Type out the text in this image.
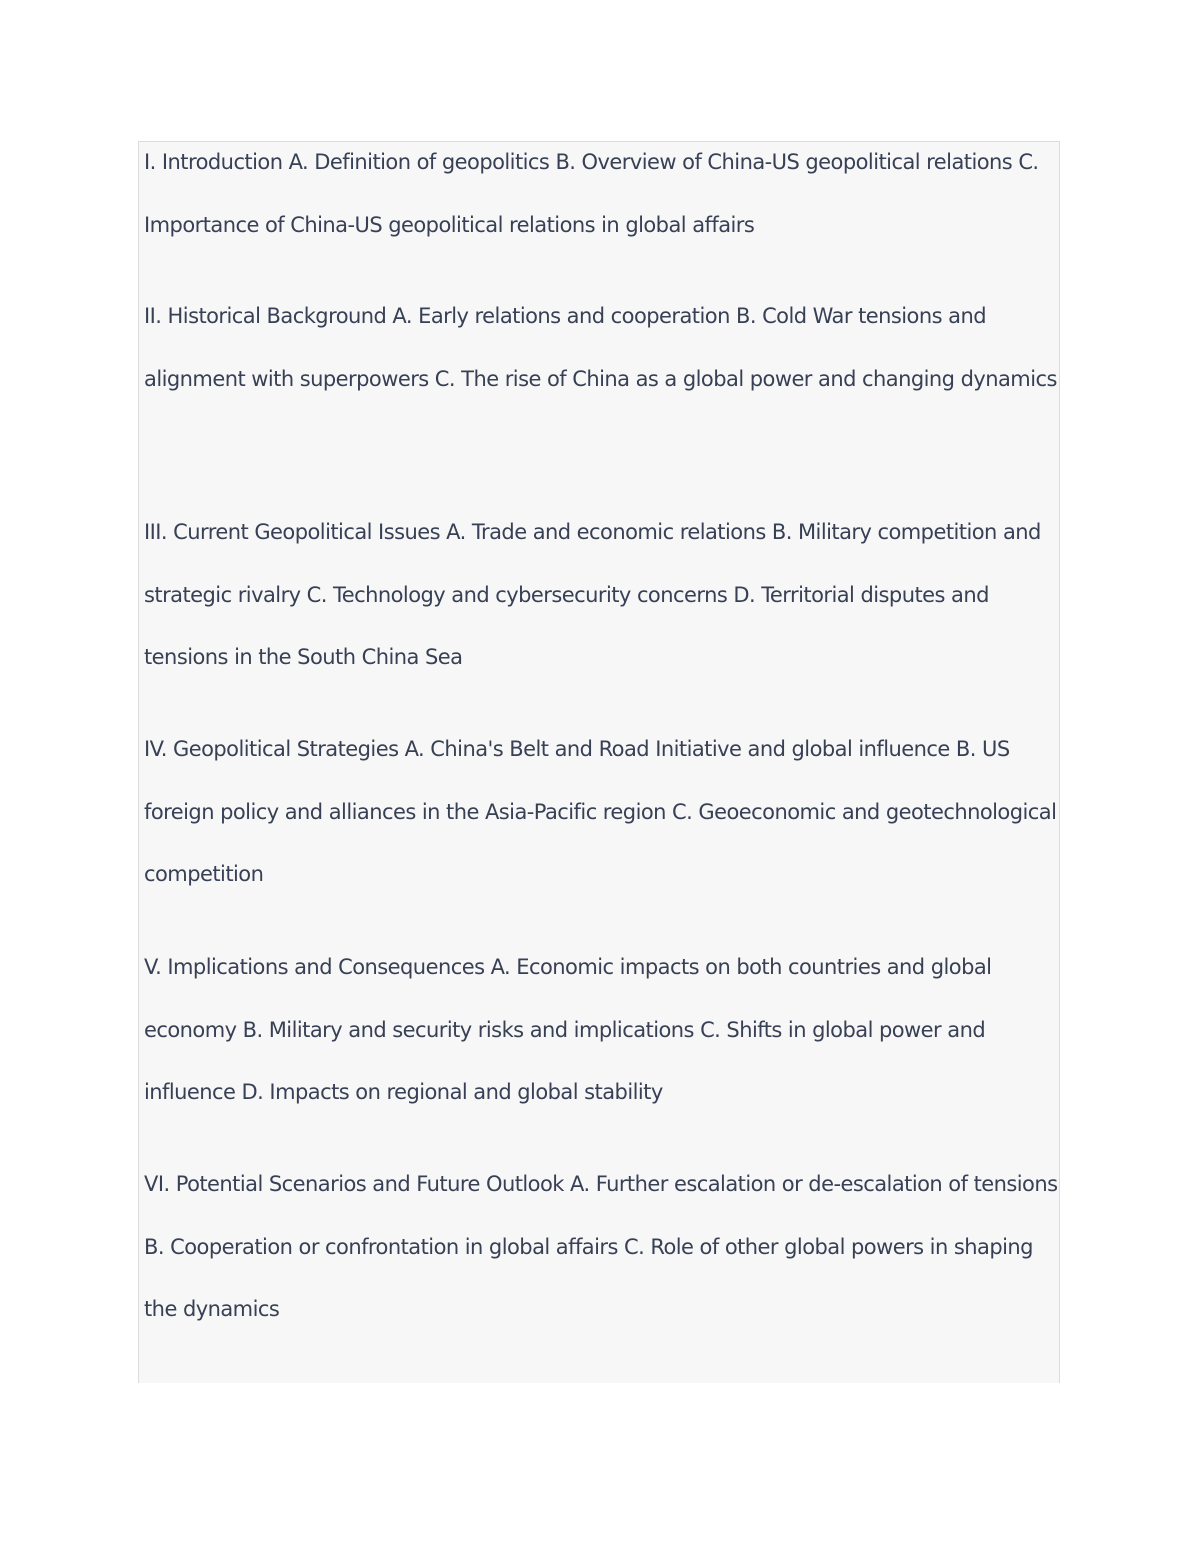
I. Introduction A. Definition of geopolitics B. Overview of China-US geopolitical relations C. Importance of China-US geopolitical relations in global affairs

II. Historical Background A. Early relations and cooperation B. Cold War tensions and alignment with superpowers C. The rise of China as a global power and changing dynamics

III. Current Geopolitical Issues A. Trade and economic relations B. Military competition and strategic rivalry C. Technology and cybersecurity concerns D. Territorial disputes and tensions in the South China Sea

IV. Geopolitical Strategies A. China's Belt and Road Initiative and global influence B. US foreign policy and alliances in the Asia-Pacific region C. Geoeconomic and geotechnological competition

V. Implications and Consequences A. Economic impacts on both countries and global economy B. Military and security risks and implications C. Shifts in global power and influence D. Impacts on regional and global stability

VI. Potential Scenarios and Future Outlook A. Further escalation or de-escalation of tensions B. Cooperation or confrontation in global affairs C. Role of other global powers in shaping the dynamics
